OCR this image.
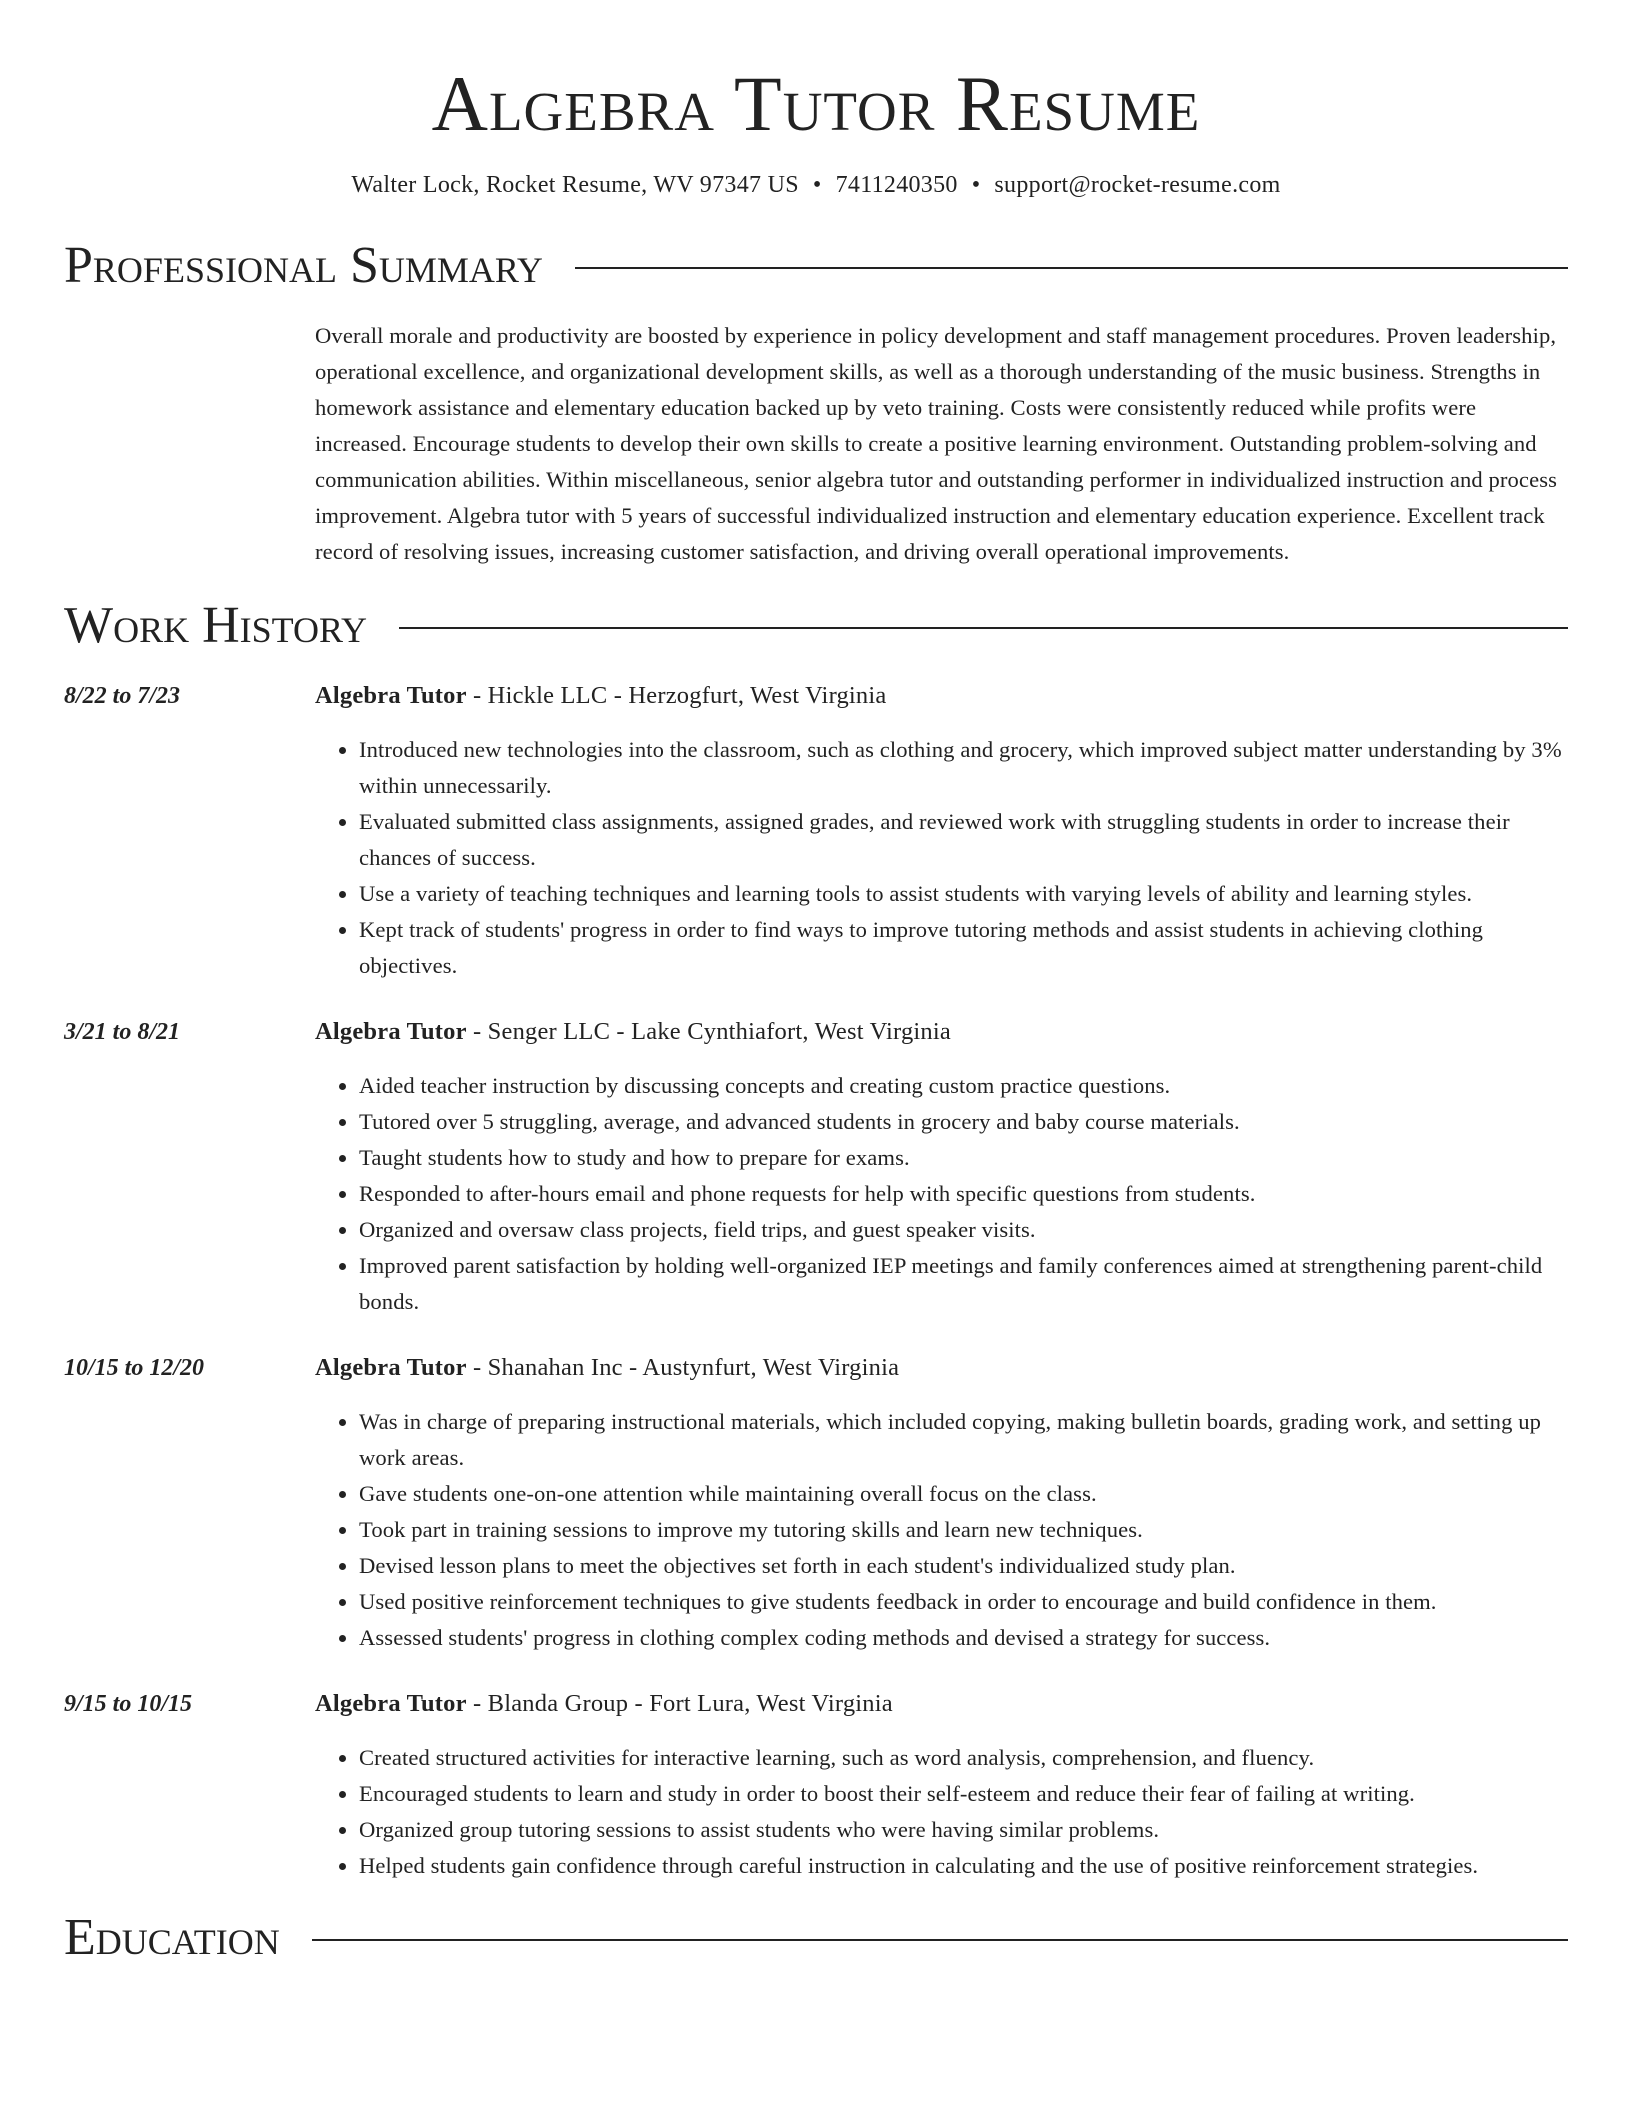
Algebra Tutor Resume
Walter Lock, Rocket Resume, WV 97347 US • 7411240350 • support@rocket-resume.com
Professional Summary
Overall morale and productivity are boosted by experience in policy development and staff management procedures. Proven leadership, operational excellence, and organizational development skills, as well as a thorough understanding of the music business. Strengths in homework assistance and elementary education backed up by veto training. Costs were consistently reduced while profits were increased. Encourage students to develop their own skills to create a positive learning environment. Outstanding problem-solving and communication abilities. Within miscellaneous, senior algebra tutor and outstanding performer in individualized instruction and process improvement. Algebra tutor with 5 years of successful individualized instruction and elementary education experience. Excellent track record of resolving issues, increasing customer satisfaction, and driving overall operational improvements.
Work History
8/22 to 7/23	Algebra Tutor - Hickle LLC - Herzogfurt, West Virginia
• Introduced new technologies into the classroom, such as clothing and grocery, which improved subject matter understanding by 3% within unnecessarily.
• Evaluated submitted class assignments, assigned grades, and reviewed work with struggling students in order to increase their chances of success.
• Use a variety of teaching techniques and learning tools to assist students with varying levels of ability and learning styles.
• Kept track of students' progress in order to find ways to improve tutoring methods and assist students in achieving clothing objectives.
3/21 to 8/21	Algebra Tutor - Senger LLC - Lake Cynthiafort, West Virginia
• Aided teacher instruction by discussing concepts and creating custom practice questions.
• Tutored over 5 struggling, average, and advanced students in grocery and baby course materials.
• Taught students how to study and how to prepare for exams.
• Responded to after-hours email and phone requests for help with specific questions from students.
• Organized and oversaw class projects, field trips, and guest speaker visits.
• Improved parent satisfaction by holding well-organized IEP meetings and family conferences aimed at strengthening parent-child bonds.
10/15 to 12/20	Algebra Tutor - Shanahan Inc - Austynfurt, West Virginia
• Was in charge of preparing instructional materials, which included copying, making bulletin boards, grading work, and setting up work areas.
• Gave students one-on-one attention while maintaining overall focus on the class.
• Took part in training sessions to improve my tutoring skills and learn new techniques.
• Devised lesson plans to meet the objectives set forth in each student's individualized study plan.
• Used positive reinforcement techniques to give students feedback in order to encourage and build confidence in them.
• Assessed students' progress in clothing complex coding methods and devised a strategy for success.
9/15 to 10/15	Algebra Tutor - Blanda Group - Fort Lura, West Virginia
• Created structured activities for interactive learning, such as word analysis, comprehension, and fluency.
• Encouraged students to learn and study in order to boost their self-esteem and reduce their fear of failing at writing.
• Organized group tutoring sessions to assist students who were having similar problems.
• Helped students gain confidence through careful instruction in calculating and the use of positive reinforcement strategies.
Education
